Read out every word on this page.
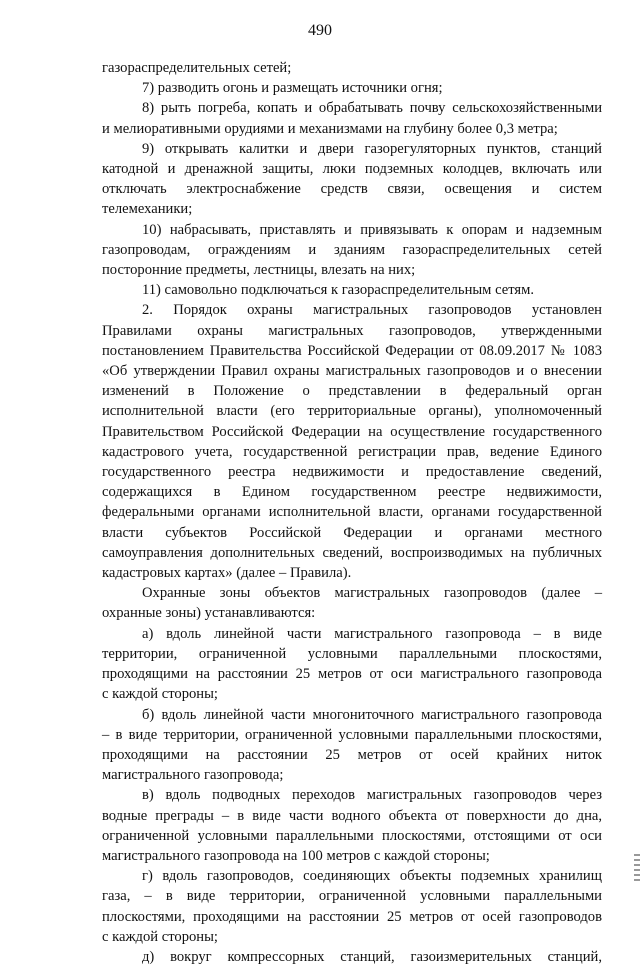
490
газораспределительных сетей;
7) разводить огонь и размещать источники огня;
8) рыть погреба, копать и обрабатывать почву сельскохозяйственными
и мелиоративными орудиями и механизмами на глубину более 0,3 метра;
9) открывать калитки и двери газорегуляторных пунктов, станций
катодной и дренажной защиты, люки подземных колодцев, включать или
отключать электроснабжение средств связи, освещения и систем
телемеханики;
10) набрасывать, приставлять и привязывать к опорам и надземным
газопроводам, ограждениям и зданиям газораспределительных сетей
посторонние предметы, лестницы, влезать на них;
11) самовольно подключаться к газораспределительным сетям.
2. Порядок охраны магистральных газопроводов установлен
Правилами охраны магистральных газопроводов, утвержденными
постановлением Правительства Российской Федерации от 08.09.2017 № 1083
«Об утверждении Правил охраны магистральных газопроводов и о внесении
изменений в Положение о представлении в федеральный орган
исполнительной власти (его территориальные органы), уполномоченный
Правительством Российской Федерации на осуществление государственного
кадастрового учета, государственной регистрации прав, ведение Единого
государственного реестра недвижимости и предоставление сведений,
содержащихся в Едином государственном реестре недвижимости,
федеральными органами исполнительной власти, органами государственной
власти субъектов Российской Федерации и органами местного
самоуправления дополнительных сведений, воспроизводимых на публичных
кадастровых картах» (далее – Правила).
Охранные зоны объектов магистральных газопроводов (далее –
охранные зоны) устанавливаются:
а) вдоль линейной части магистрального газопровода – в виде
территории, ограниченной условными параллельными плоскостями,
проходящими на расстоянии 25 метров от оси магистрального газопровода
с каждой стороны;
б) вдоль линейной части многониточного магистрального газопровода
– в виде территории, ограниченной условными параллельными плоскостями,
проходящими на расстоянии 25 метров от осей крайних ниток
магистрального газопровода;
в) вдоль подводных переходов магистральных газопроводов через
водные преграды – в виде части водного объекта от поверхности до дна,
ограниченной условными параллельными плоскостями, отстоящими от оси
магистрального газопровода на 100 метров с каждой стороны;
г) вдоль газопроводов, соединяющих объекты подземных хранилищ
газа, – в виде территории, ограниченной условными параллельными
плоскостями, проходящими на расстоянии 25 метров от осей газопроводов
с каждой стороны;
д) вокруг компрессорных станций, газоизмерительных станций,
